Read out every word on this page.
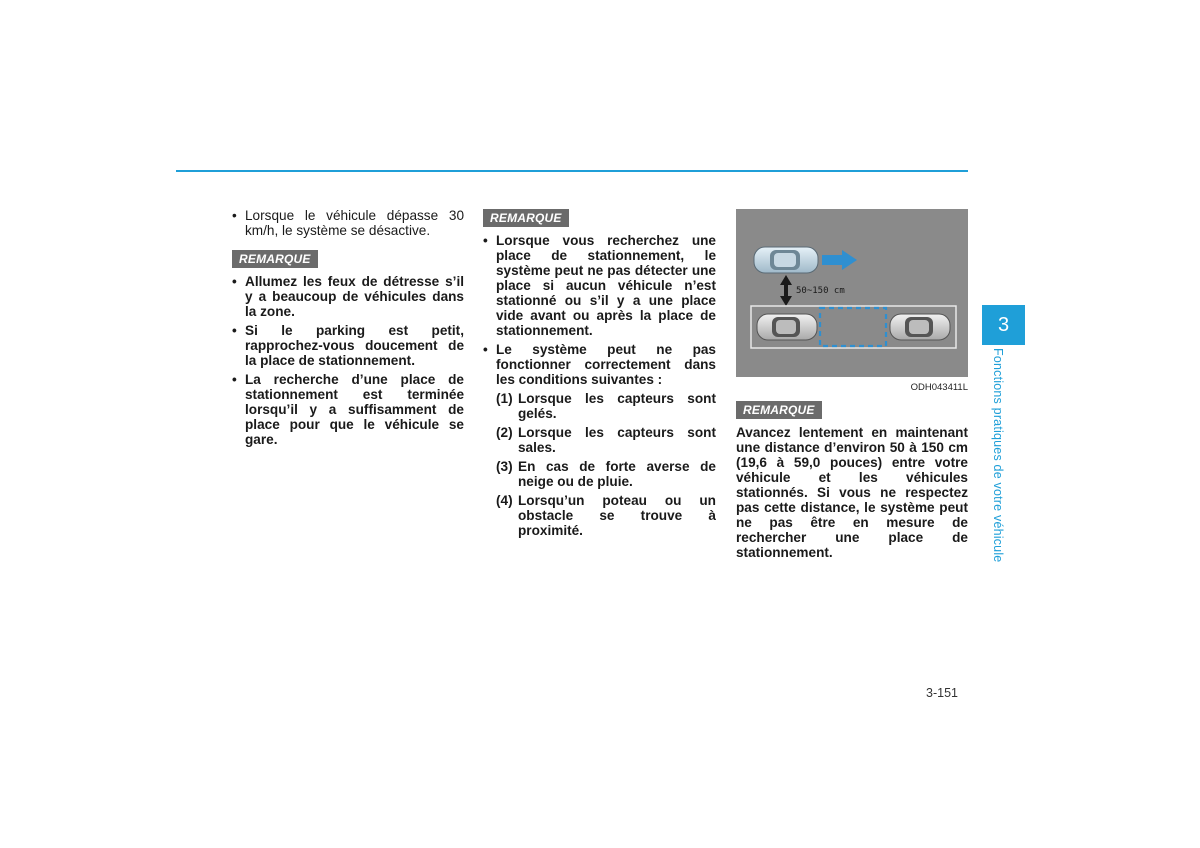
• Lorsque le véhicule dépasse 30 km/h, le système se désactive.
REMARQUE
• Allumez les feux de détresse s’il y a beaucoup de véhicules dans la zone.
• Si le parking est petit, rapprochez-vous doucement de la place de stationnement.
• La recherche d’une place de stationnement est terminée lorsqu’il y a suffisamment de place pour que le véhicule se gare.
REMARQUE
• Lorsque vous recherchez une place de stationnement, le système peut ne pas détecter une place si aucun véhicule n’est stationné ou s’il y a une place vide avant ou après la place de stationnement.
• Le système peut ne pas fonctionner correctement dans les conditions suivantes :
(1) Lorsque les capteurs sont gelés.
(2) Lorsque les capteurs sont sales.
(3) En cas de forte averse de neige ou de pluie.
(4) Lorsqu’un poteau ou un obstacle se trouve à proximité.
50~150 cm
ODH043411L
REMARQUE
Avancez lentement en maintenant une distance d’environ 50 à 150 cm (19,6 à 59,0 pouces) entre votre véhicule et les véhicules stationnés. Si vous ne respectez pas cette distance, le système peut ne pas être en mesure de rechercher une place de stationnement.
3
Fonctions pratiques de votre véhicule
3-151
